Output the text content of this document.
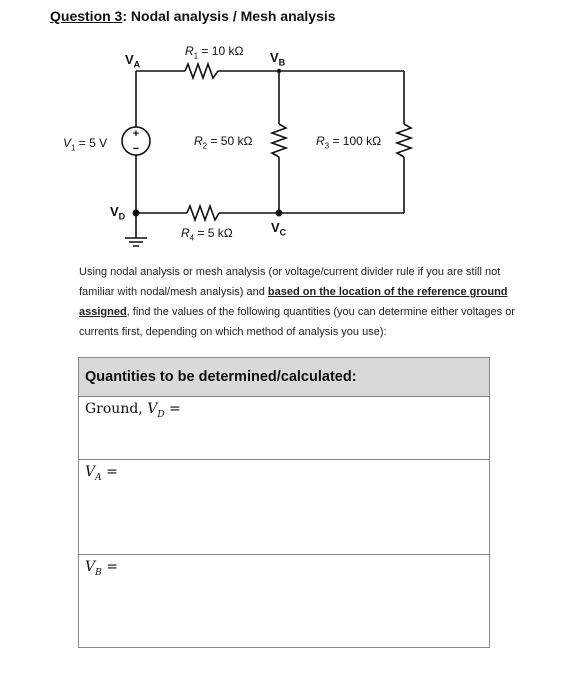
Question 3: Nodal analysis / Mesh analysis
+
−
$V_A$	$V_B$
$V_C$
$V_D$
$R_1 = 10$ kΩ
$R_2 = 50$ kΩ	$R_3 = 100$ kΩ
$R_4 = 5$ kΩ
$V_1 = 5$ V
Using nodal analysis or mesh analysis (or voltage/current divider rule if you are still not familiar with nodal/mesh analysis) and based on the location of the reference ground assigned, find the values of the following quantities (you can determine either voltages or currents first, depending on which method of analysis you use):
Quantities to be determined/calculated:
Ground, $V_D$ =
$V_A$ =
$V_B$ =
